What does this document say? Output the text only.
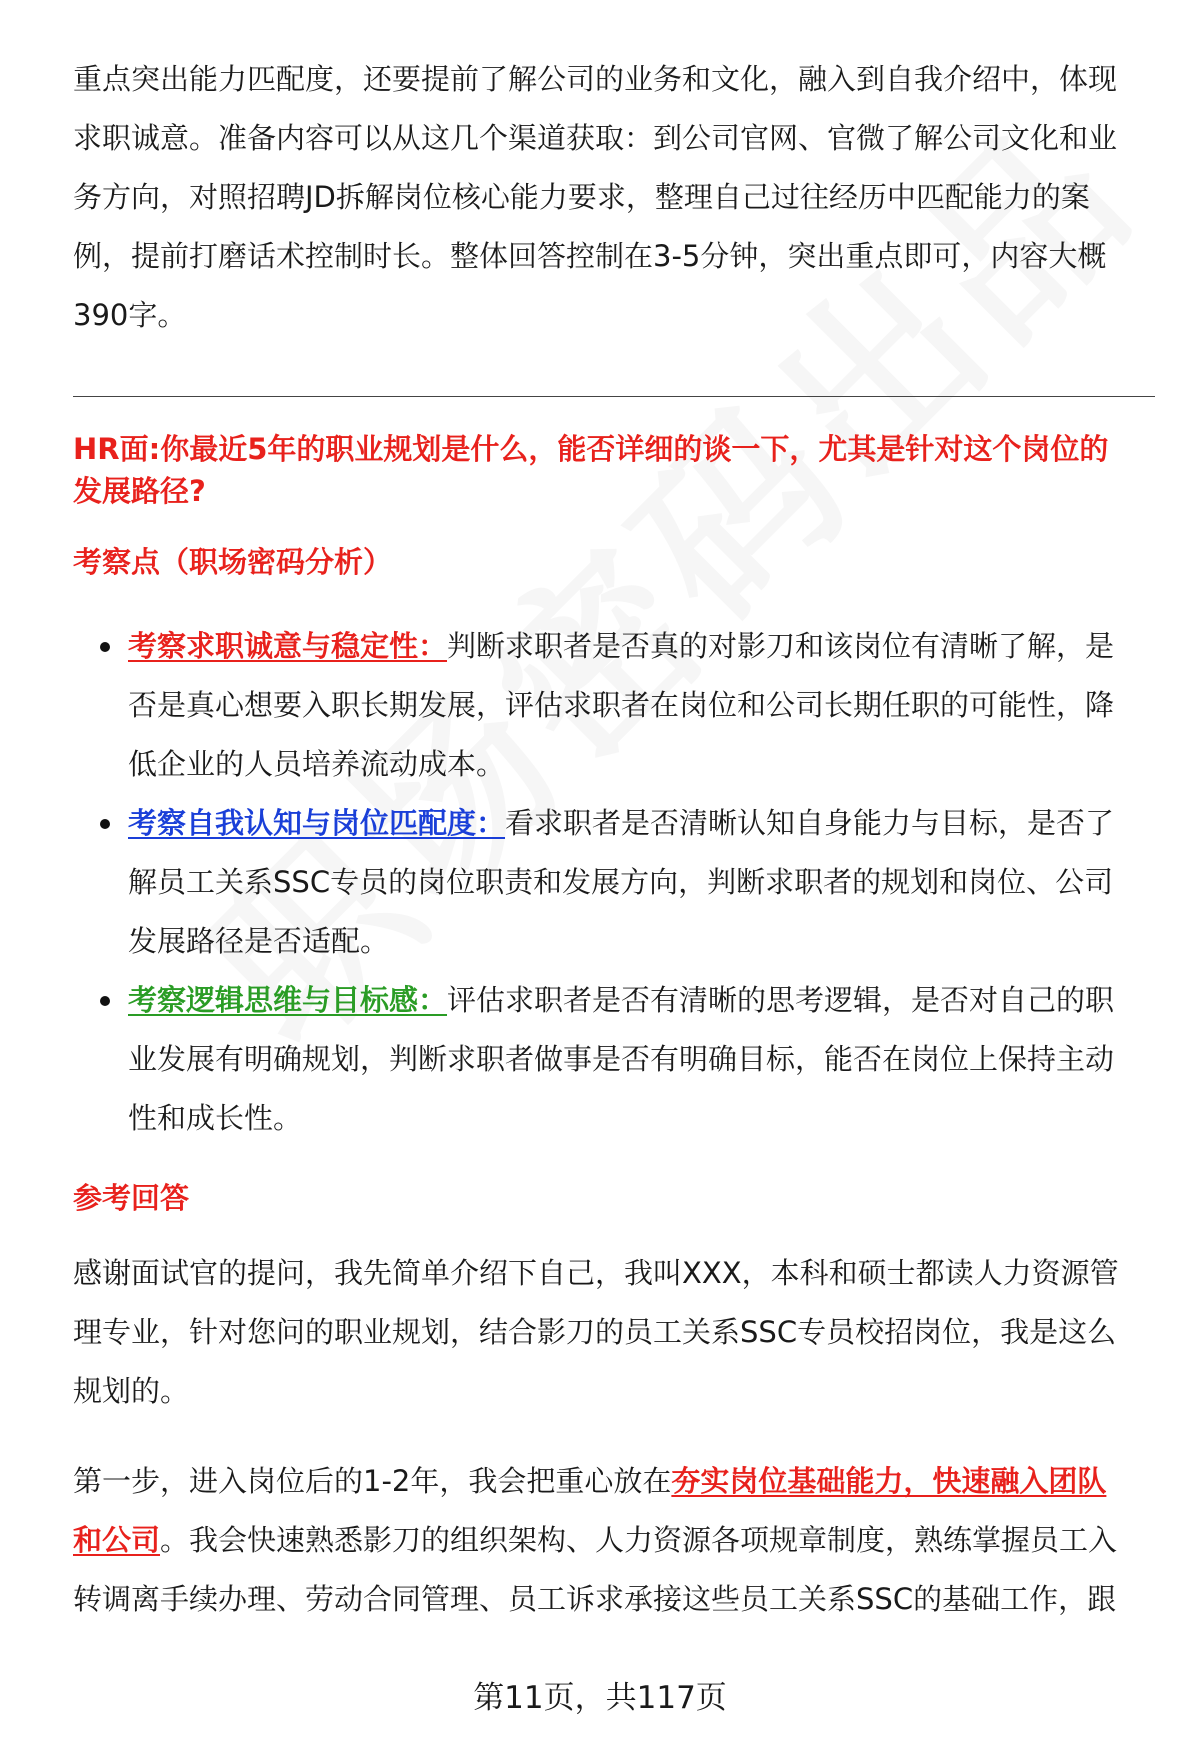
重点突出能力匹配度，还要提前了解公司的业务和文化，融入到自我介绍中，体现

求职诚意。准备内容可以从这几个渠道获取：到公司官网、官微了解公司文化和业

务方向，对照招聘JD拆解岗位核心能力要求，整理自己过往经历中匹配能力的案

例，提前打磨话术控制时长。整体回答控制在3-5分钟，突出重点即可，内容大概

390字。

HR面:你最近5年的职业规划是什么，能否详细的谈一下，尤其是针对这个岗位的
发展路径?

考察点（职场密码分析）

考察求职诚意与稳定性：判断求职者是否真的对影刀和该岗位有清晰了解，是
否是真心想要入职长期发展，评估求职者在岗位和公司长期任职的可能性，降
低企业的人员培养流动成本。
考察自我认知与岗位匹配度：看求职者是否清晰认知自身能力与目标，是否了
解员工关系SSC专员的岗位职责和发展方向，判断求职者的规划和岗位、公司
发展路径是否适配。
考察逻辑思维与目标感：评估求职者是否有清晰的思考逻辑，是否对自己的职
业发展有明确规划，判断求职者做事是否有明确目标，能否在岗位上保持主动
性和成长性。

参考回答

感谢面试官的提问，我先简单介绍下自己，我叫XXX，本科和硕士都读人力资源管

理专业，针对您问的职业规划，结合影刀的员工关系SSC专员校招岗位，我是这么

规划的。

第一步，进入岗位后的1-2年，我会把重心放在夯实岗位基础能力，快速融入团队

和公司。我会快速熟悉影刀的组织架构、人力资源各项规章制度，熟练掌握员工入

转调离手续办理、劳动合同管理、员工诉求承接这些员工关系SSC的基础工作，跟

第11页，共117页
